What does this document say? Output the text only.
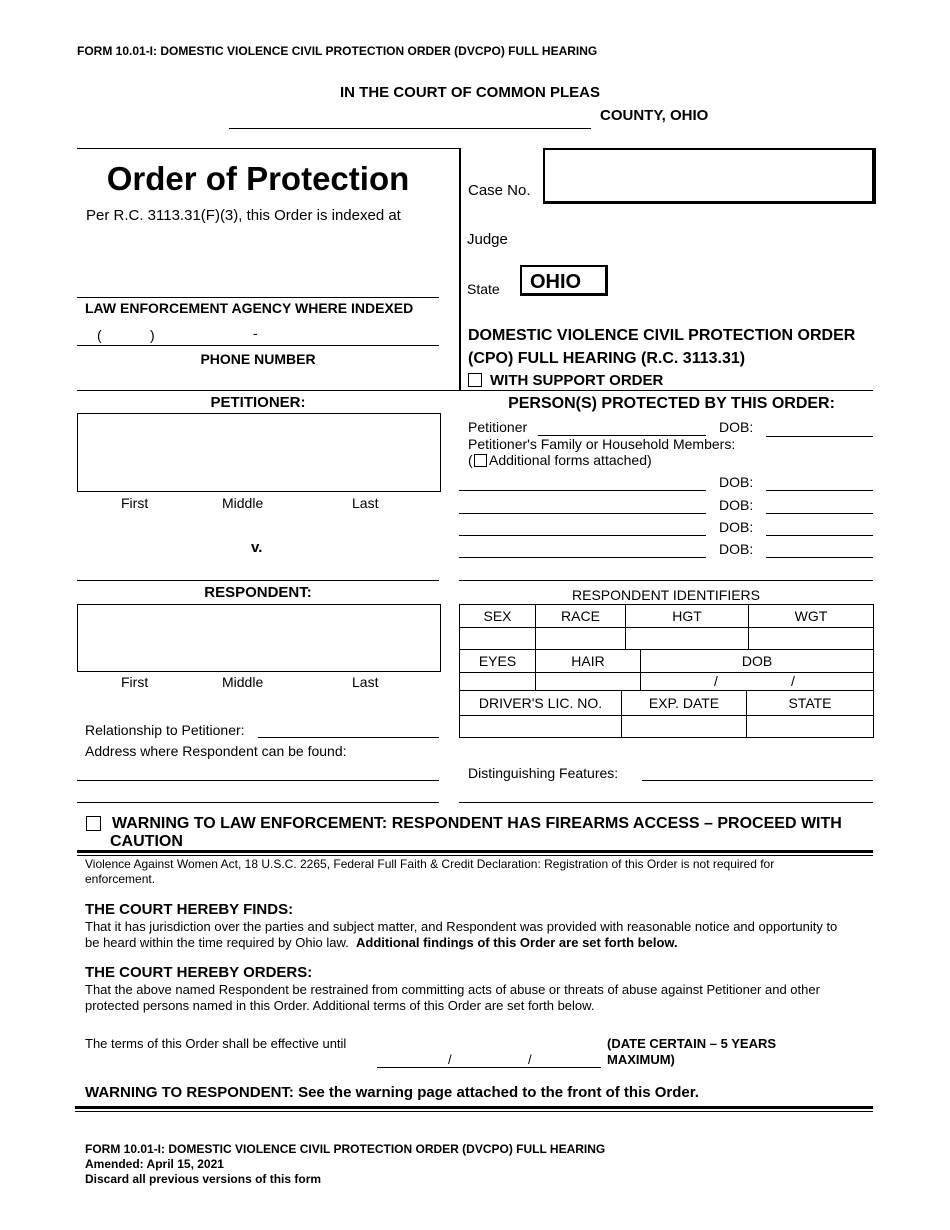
FORM 10.01-I: DOMESTIC VIOLENCE CIVIL PROTECTION ORDER (DVCPO) FULL HEARING
IN THE COURT OF COMMON PLEAS
COUNTY, OHIO
Order of Protection
Per R.C. 3113.31(F)(3), this Order is indexed at
LAW ENFORCEMENT AGENCY WHERE INDEXED
(	)	-
PHONE NUMBER
Case No.
Judge
State	OHIO
DOMESTIC VIOLENCE CIVIL PROTECTION ORDER
(CPO) FULL HEARING (R.C. 3113.31)
WITH SUPPORT ORDER
PETITIONER:
First	Middle	Last
v.
PERSON(S) PROTECTED BY THIS ORDER:
Petitioner	DOB:
Petitioner's Family or Household Members:
( Additional forms attached)
DOB:
DOB:
DOB:
DOB:
RESPONDENT:
First	Middle	Last
Relationship to Petitioner:
Address where Respondent can be found:
RESPONDENT IDENTIFIERS
SEX	RACE	HGT	WGT

EYES	HAIR	DOB

		/ /
DRIVER'S LIC. NO.	EXP. DATE	STATE

Distinguishing Features:
WARNING TO LAW ENFORCEMENT: RESPONDENT HAS FIREARMS ACCESS – PROCEED WITH
CAUTION
Violence Against Women Act, 18 U.S.C. 2265, Federal Full Faith & Credit Declaration: Registration of this Order is not required for enforcement.
THE COURT HEREBY FINDS:
That it has jurisdiction over the parties and subject matter, and Respondent was provided with reasonable notice and opportunity to be heard within the time required by Ohio law. Additional findings of this Order are set forth below.
THE COURT HEREBY ORDERS:
That the above named Respondent be restrained from committing acts of abuse or threats of abuse against Petitioner and other protected persons named in this Order. Additional terms of this Order are set forth below.
The terms of this Order shall be effective until
/	/
(DATE CERTAIN – 5 YEARS MAXIMUM)
WARNING TO RESPONDENT: See the warning page attached to the front of this Order.
FORM 10.01-I: DOMESTIC VIOLENCE CIVIL PROTECTION ORDER (DVCPO) FULL HEARING
Amended: April 15, 2021
Discard all previous versions of this form
